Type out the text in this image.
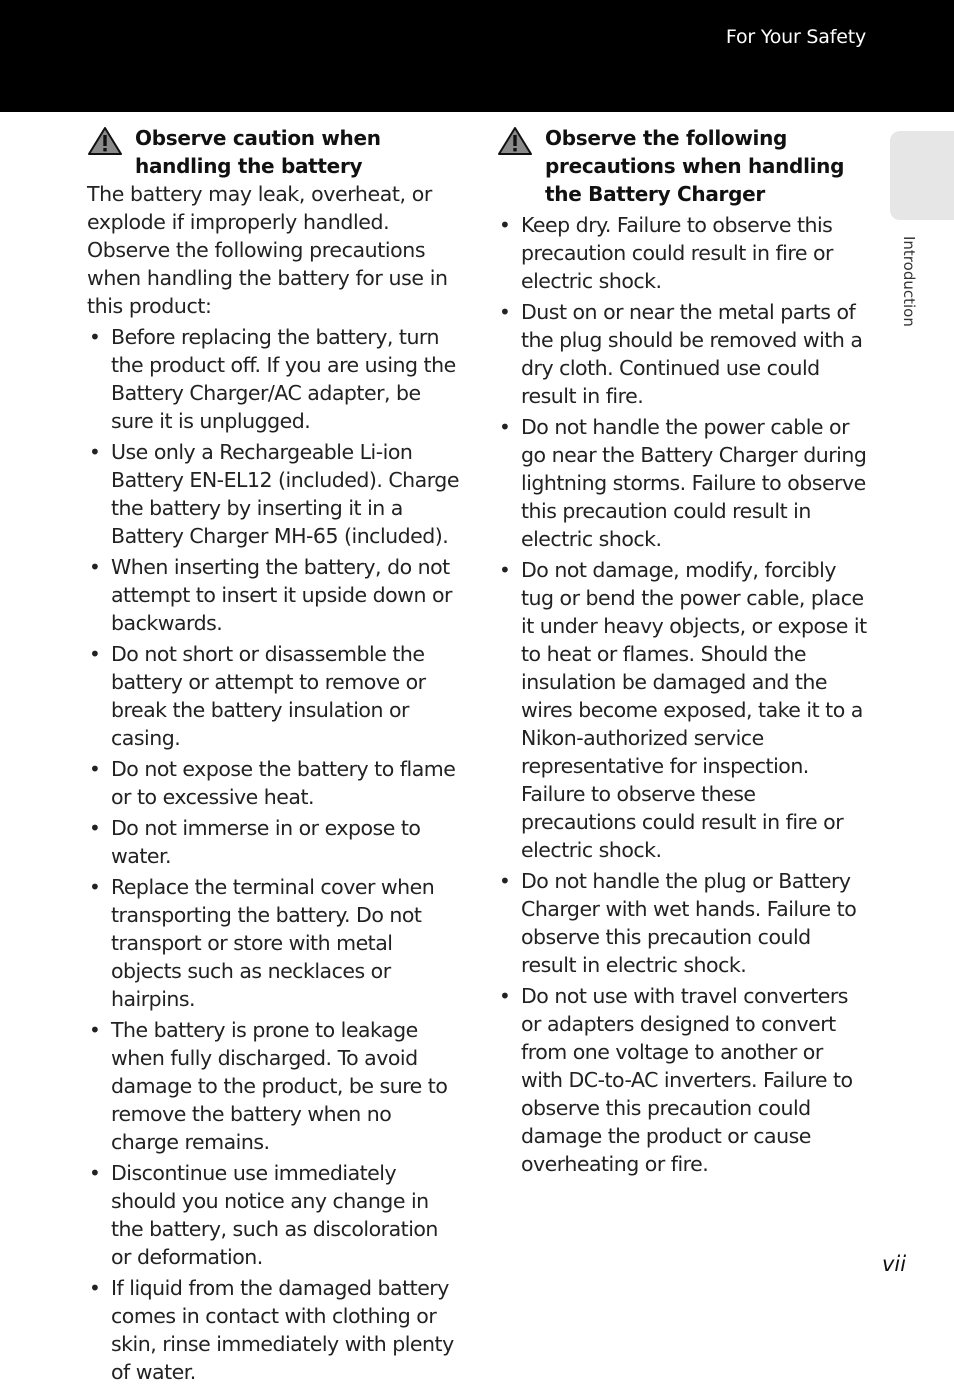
For Your Safety
Introduction
Observe caution when handling the battery

The battery may leak, overheat, or explode if improperly handled. Observe the following precautions when handling the battery for use in this product:

• Before replacing the battery, turn the product off. If you are using the Battery Charger/AC adapter, be sure it is unplugged.
• Use only a Rechargeable Li-ion Battery EN-EL12 (included). Charge the battery by inserting it in a Battery Charger MH-65 (included).
• When inserting the battery, do not attempt to insert it upside down or backwards.
• Do not short or disassemble the battery or attempt to remove or break the battery insulation or casing.
• Do not expose the battery to flame or to excessive heat.
• Do not immerse in or expose to water.
• Replace the terminal cover when transporting the battery. Do not transport or store with metal objects such as necklaces or hairpins.
• The battery is prone to leakage when fully discharged. To avoid damage to the product, be sure to remove the battery when no charge remains.
• Discontinue use immediately should you notice any change in the battery, such as discoloration or deformation.
• If liquid from the damaged battery comes in contact with clothing or skin, rinse immediately with plenty of water.
Observe the following precautions when handling the Battery Charger
• Keep dry. Failure to observe this precaution could result in fire or electric shock.
• Dust on or near the metal parts of the plug should be removed with a dry cloth. Continued use could result in fire.
• Do not handle the power cable or go near the Battery Charger during lightning storms. Failure to observe this precaution could result in electric shock.
• Do not damage, modify, forcibly tug or bend the power cable, place it under heavy objects, or expose it to heat or flames. Should the insulation be damaged and the wires become exposed, take it to a Nikon-authorized service representative for inspection. Failure to observe these precautions could result in fire or electric shock.
• Do not handle the plug or Battery Charger with wet hands. Failure to observe this precaution could result in electric shock.
• Do not use with travel converters or adapters designed to convert from one voltage to another or with DC-to-AC inverters. Failure to observe this precaution could damage the product or cause overheating or fire.
vii
